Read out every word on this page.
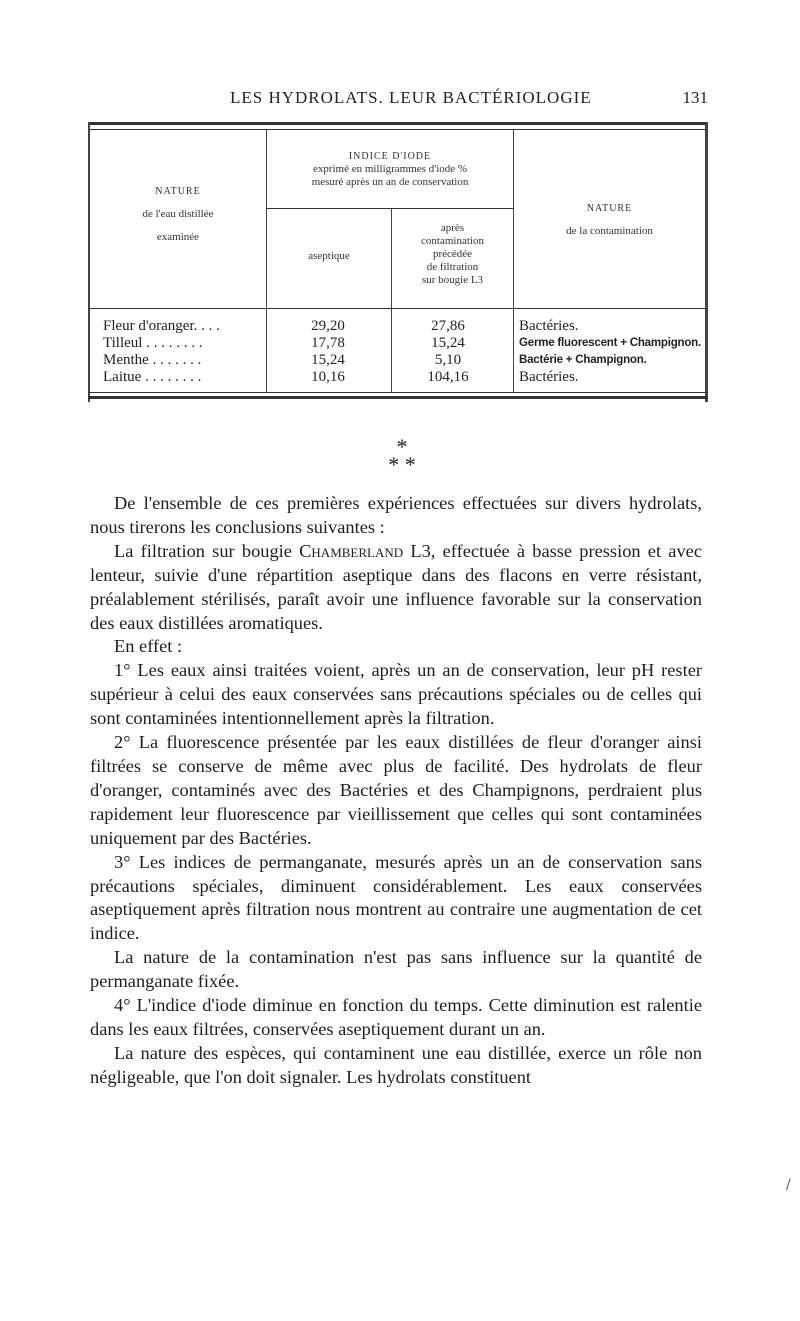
LES HYDROLATS. LEUR BACTÉRIOLOGIE	131
NATURE
de l'eau distillée
examinée
INDICE D'IODE
exprimé en milligrammes d'iode %
mesuré après un an de conservation
aseptique
après
contamination
précédée
de filtration
sur bougie L3
NATURE
de la contamination
Fleur d'oranger. . . .	29,20	27,86	Bactéries.
Tilleul . . . . . . . .	17,78	15,24	Germe fluorescent + Champignon.
Menthe . . . . . . .	15,24	5,10	Bactérie + Champignon.
Laitue . . . . . . . .	10,16	104,16	Bactéries.
*
* *

De l'ensemble de ces premières expériences effectuées sur divers hydrolats, nous tirerons les conclusions suivantes :

La filtration sur bougie Chamberland L3, effectuée à basse pression et avec lenteur, suivie d'une répartition aseptique dans des flacons en verre résistant, préalablement stérilisés, paraît avoir une influence favorable sur la conservation des eaux distillées aromatiques.

En effet :

1° Les eaux ainsi traitées voient, après un an de conservation, leur pH rester supérieur à celui des eaux conservées sans précautions spéciales ou de celles qui sont contaminées intentionnellement après la filtration.

2° La fluorescence présentée par les eaux distillées de fleur d'oranger ainsi filtrées se conserve de même avec plus de facilité. Des hydrolats de fleur d'oranger, contaminés avec des Bactéries et des Champignons, perdraient plus rapidement leur fluorescence par vieillissement que celles qui sont contaminées uniquement par des Bactéries.

3° Les indices de permanganate, mesurés après un an de conservation sans précautions spéciales, diminuent considérablement. Les eaux conservées aseptiquement après filtration nous montrent au contraire une augmentation de cet indice.

La nature de la contamination n'est pas sans influence sur la quantité de permanganate fixée.

4° L'indice d'iode diminue en fonction du temps. Cette diminution est ralentie dans les eaux filtrées, conservées aseptiquement durant un an.

La nature des espèces, qui contaminent une eau distillée, exerce un rôle non négligeable, que l'on doit signaler. Les hydrolats constituent

/
